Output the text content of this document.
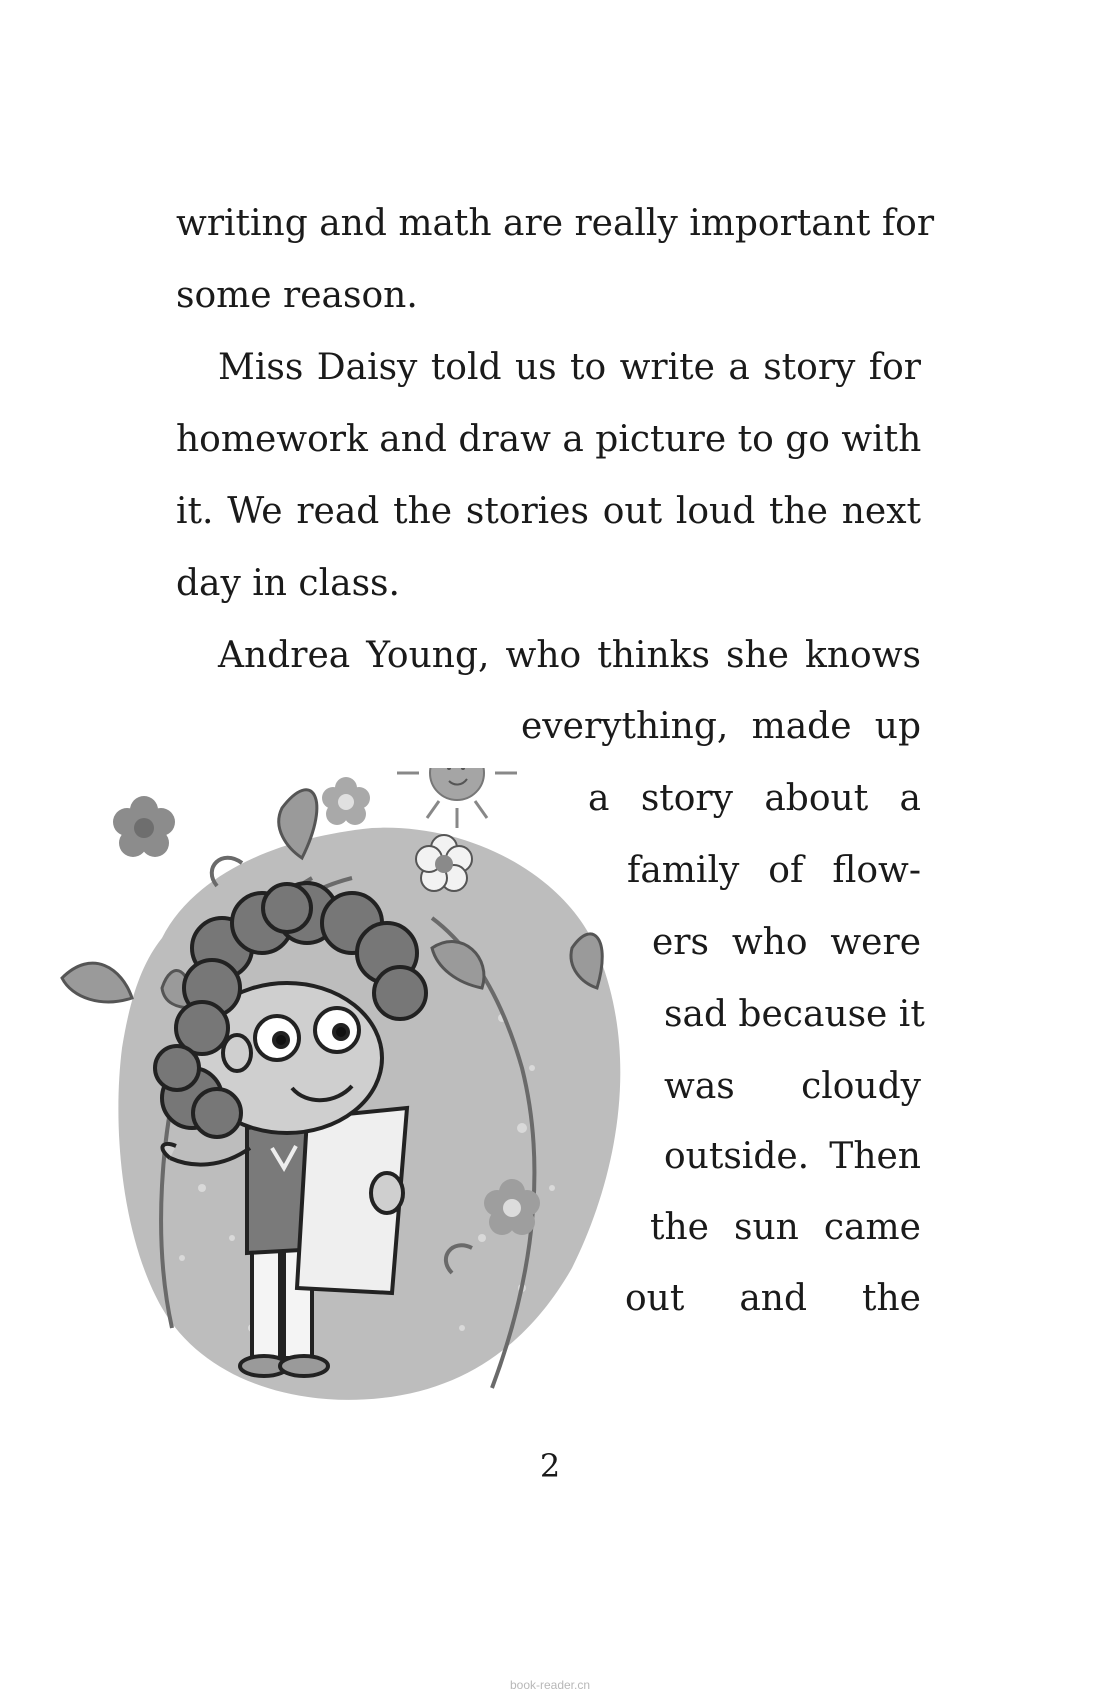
writing and math are really important for
some reason.
Miss Daisy told us to write a story for
homework and draw a picture to go with
it. We read the stories out loud the next
day in class.
Andrea Young, who thinks she knows
everything, made up
a story about a
family of flow-
ers who were
sad because it
was cloudy
outside. Then
the sun came
out and the
2
book-reader.cn
